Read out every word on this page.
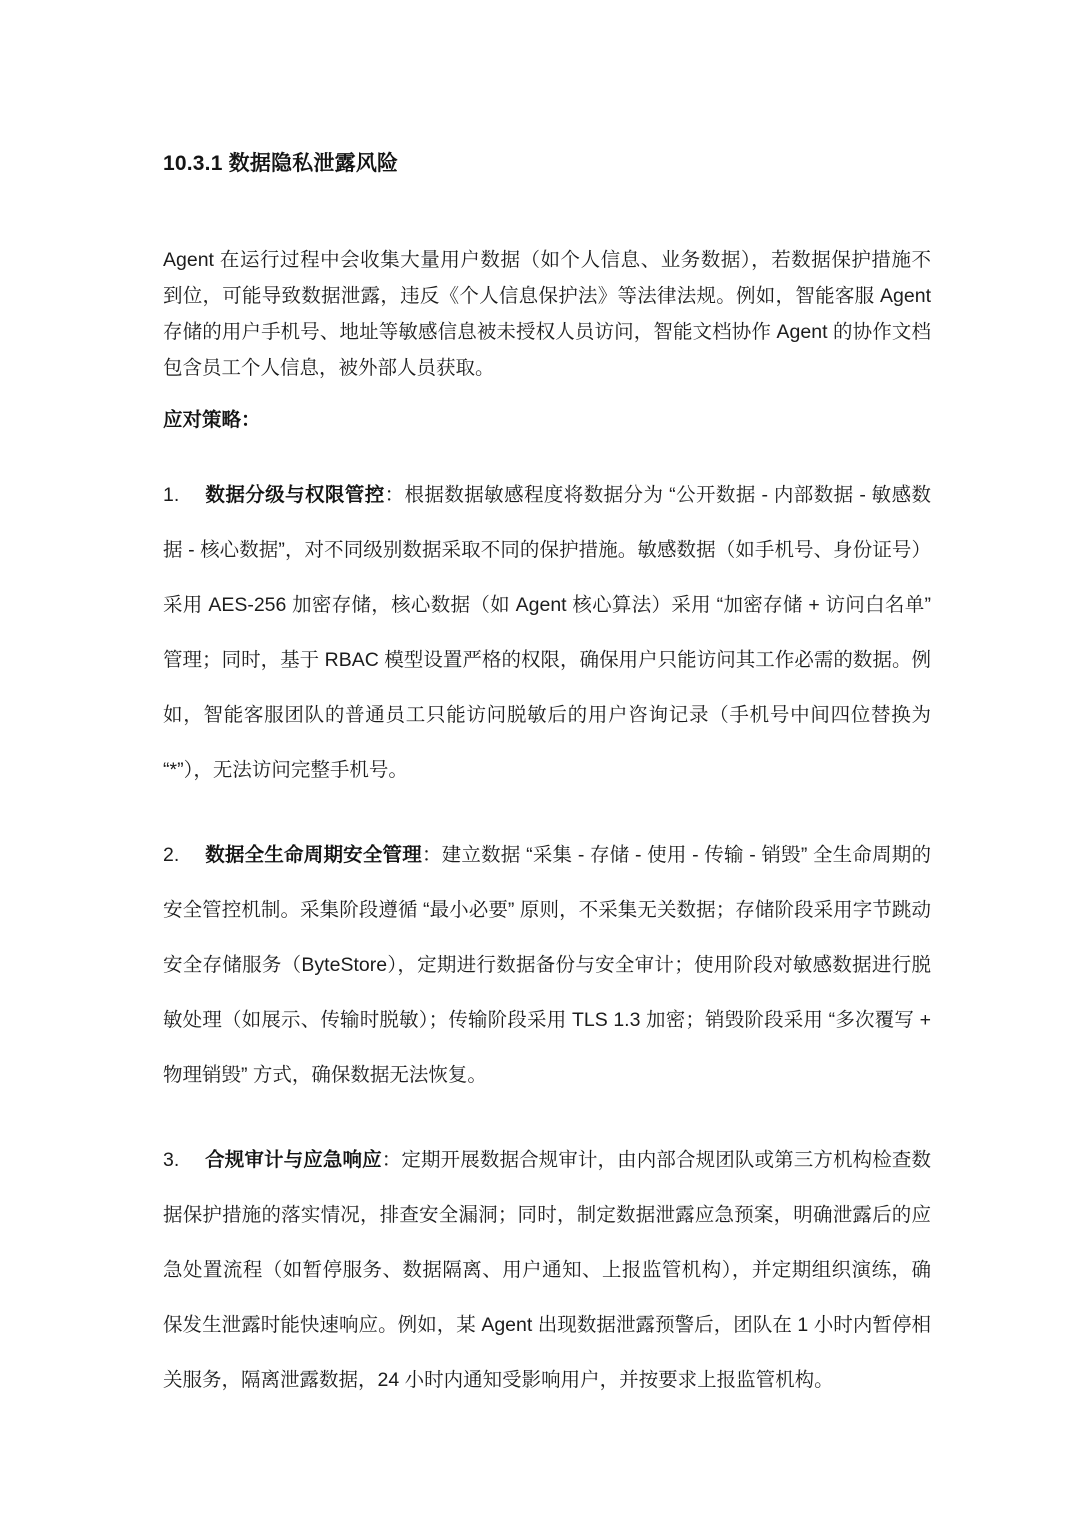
10.3.1 数据隐私泄露风险

Agent 在运行过程中会收集大量用户数据（如个人信息、业务数据），若数据保护措施不到位，可能导致数据泄露，违反《个人信息保护法》等法律法规。例如，智能客服 Agent 存储的用户手机号、地址等敏感信息被未授权人员访问，智能文档协作 Agent 的协作文档包含员工个人信息，被外部人员获取。

应对策略：

1. 数据分级与权限管控：根据数据敏感程度将数据分为 “公开数据 - 内部数据 - 敏感数据 - 核心数据”，对不同级别数据采取不同的保护措施。敏感数据（如手机号、身份证号）采用 AES-256 加密存储，核心数据（如 Agent 核心算法）采用 “加密存储 + 访问白名单” 管理；同时，基于 RBAC 模型设置严格的权限，确保用户只能访问其工作必需的数据。例如，智能客服团队的普通员工只能访问脱敏后的用户咨询记录（手机号中间四位替换为 “*”），无法访问完整手机号。
2. 数据全生命周期安全管理：建立数据 “采集 - 存储 - 使用 - 传输 - 销毁” 全生命周期的安全管控机制。采集阶段遵循 “最小必要” 原则，不采集无关数据；存储阶段采用字节跳动安全存储服务（ByteStore），定期进行数据备份与安全审计；使用阶段对敏感数据进行脱敏处理（如展示、传输时脱敏）；传输阶段采用 TLS 1.3 加密；销毁阶段采用 “多次覆写 + 物理销毁” 方式，确保数据无法恢复。
3. 合规审计与应急响应：定期开展数据合规审计，由内部合规团队或第三方机构检查数据保护措施的落实情况，排查安全漏洞；同时，制定数据泄露应急预案，明确泄露后的应急处置流程（如暂停服务、数据隔离、用户通知、上报监管机构），并定期组织演练，确保发生泄露时能快速响应。例如，某 Agent 出现数据泄露预警后，团队在 1 小时内暂停相关服务，隔离泄露数据，24 小时内通知受影响用户，并按要求上报监管机构。
